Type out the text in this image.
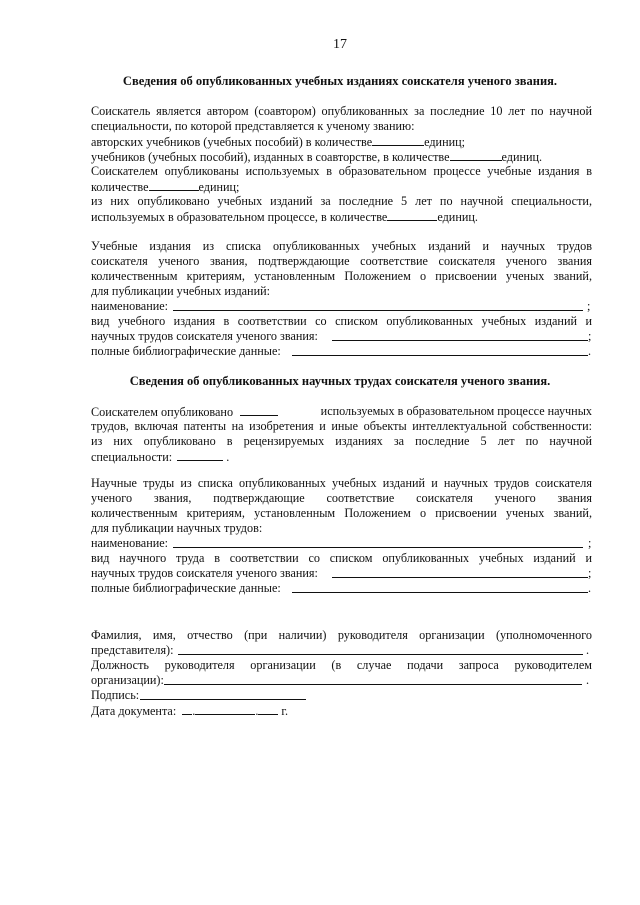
17
Сведения об опубликованных учебных изданиях соискателя ученого звания.
Соискатель является автором (соавтором) опубликованных за последние 10 лет по научной
специальности, по которой представляется к ученому званию:
авторских учебников (учебных пособий) в количестве	единиц;
учебников (учебных пособий), изданных в соавторстве, в количестве	единиц.
Соискателем опубликованы используемых в образовательном процессе учебные издания в
количестве	единиц;
из них опубликовано учебных изданий за последние 5 лет по научной специальности,
используемых в образовательном процессе, в количестве	единиц.
Учебные издания из списка опубликованных учебных изданий и научных трудов
соискателя ученого звания, подтверждающие соответствие соискателя ученого звания
количественным критериям, установленным Положением о присвоении ученых званий,
для публикации учебных изданий:
наименование:	;
вид учебного издания в соответствии со списком опубликованных учебных изданий и
научных трудов соискателя ученого звания:	;
полные библиографические данные:	.
Сведения об опубликованных научных трудах соискателя ученого звания.
Соискателем опубликовано	используемых в образовательном процессе научных
трудов, включая патенты на изобретения и иные объекты интеллектуальной собственности:
из них опубликовано в рецензируемых изданиях за последние 5 лет по научной
специальности:	.
Научные труды из списка опубликованных учебных изданий и научных трудов соискателя
ученого звания, подтверждающие соответствие соискателя ученого звания
количественным критериям, установленным Положением о присвоении ученых званий,
для публикации научных трудов:
наименование:	;
вид научного труда в соответствии со списком опубликованных учебных изданий и
научных трудов соискателя ученого звания:	;
полные библиографические данные:	.
Фамилия, имя, отчество (при наличии) руководителя организации (уполномоченного
представителя):	.
Должность руководителя организации (в случае подачи запроса руководителем
организации):	.
Подпись:
Дата документа: .	. г.
